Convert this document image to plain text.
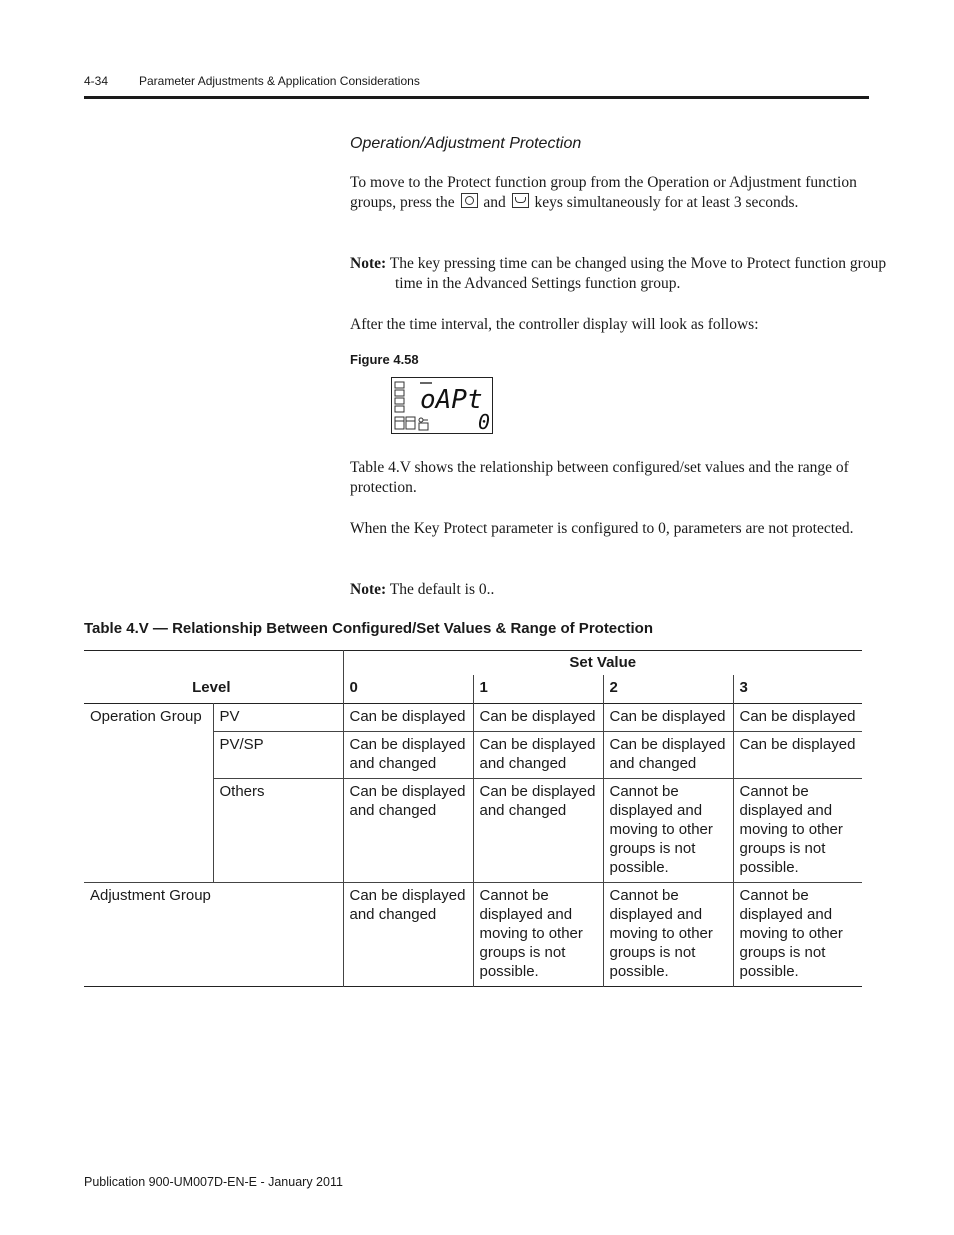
4-34	Parameter Adjustments & Application Considerations
Operation/Adjustment Protection
To move to the Protect function group from the Operation or Adjustment function groups, press the and keys simultaneously for at least 3 seconds.
Note: The key pressing time can be changed using the Move to Protect function group time in the Advanced Settings function group.
After the time interval, the controller display will look as follows:
Figure 4.58
oAPt
0
Table 4.V shows the relationship between configured/set values and the range of protection.
When the Key Protect parameter is configured to 0, parameters are not protected.
Note: The default is 0..
Table 4.V — Relationship Between Configured/Set Values & Range of Protection
Level		Set Value			
		0	1	2	3
Operation Group	PV	Can be displayed	Can be displayed	Can be displayed	Can be displayed
	PV/SP	Can be displayed and changed	Can be displayed and changed	Can be displayed and changed	Can be displayed
	Others	Can be displayed and changed	Can be displayed and changed	Cannot be displayed and moving to other groups is not possible.	Cannot be displayed and moving to other groups is not possible.
Adjustment Group		Can be displayed and changed	Cannot be displayed and moving to other groups is not possible.	Cannot be displayed and moving to other groups is not possible.	Cannot be displayed and moving to other groups is not possible.
Publication 900-UM007D-EN-E - January 2011
